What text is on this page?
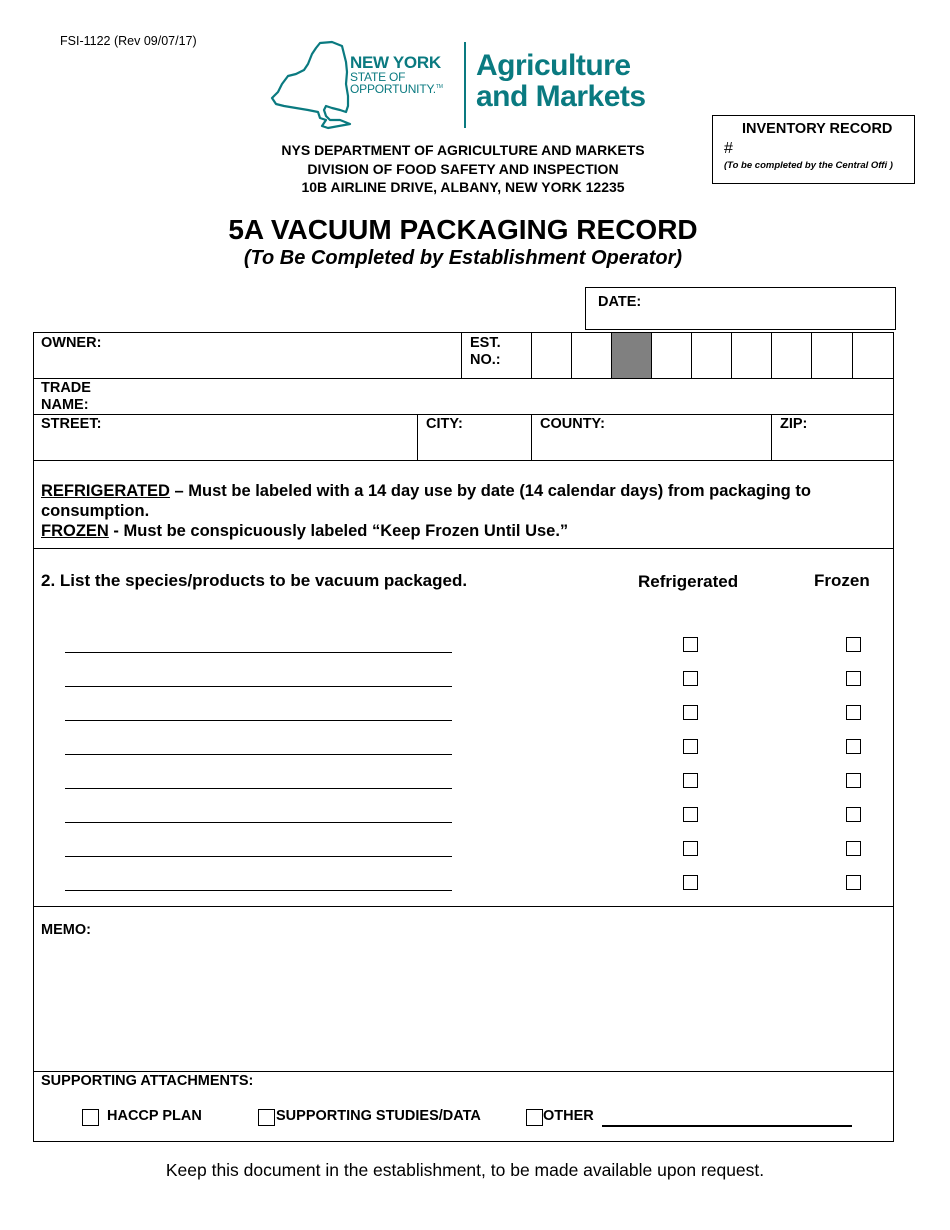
FSI-1122 (Rev 09/07/17)
NEW YORK
STATE OF
OPPORTUNITY.™
Agriculture
and Markets
NYS DEPARTMENT OF AGRICULTURE AND MARKETS
DIVISION OF FOOD SAFETY AND INSPECTION
10B AIRLINE DRIVE, ALBANY, NEW YORK 12235
INVENTORY RECORD
#
(To be completed by the Central Offi )
5A VACUUM PACKAGING RECORD
(To Be Completed by Establishment Operator)
DATE:
OWNER:	EST.
NO.:
TRADE
NAME:
STREET:	CITY:	COUNTY:	ZIP:
REFRIGERATED – Must be labeled with a 14 day use by date (14 calendar days) from packaging to consumption.
FROZEN - Must be conspicuously labeled “Keep Frozen Until Use.”
2. List the species/products to be vacuum packaged.	Refrigerated	Frozen
MEMO:
SUPPORTING ATTACHMENTS:
HACCP PLAN	SUPPORTING STUDIES/DATA	OTHER
Keep this document in the establishment, to be made available upon request.
